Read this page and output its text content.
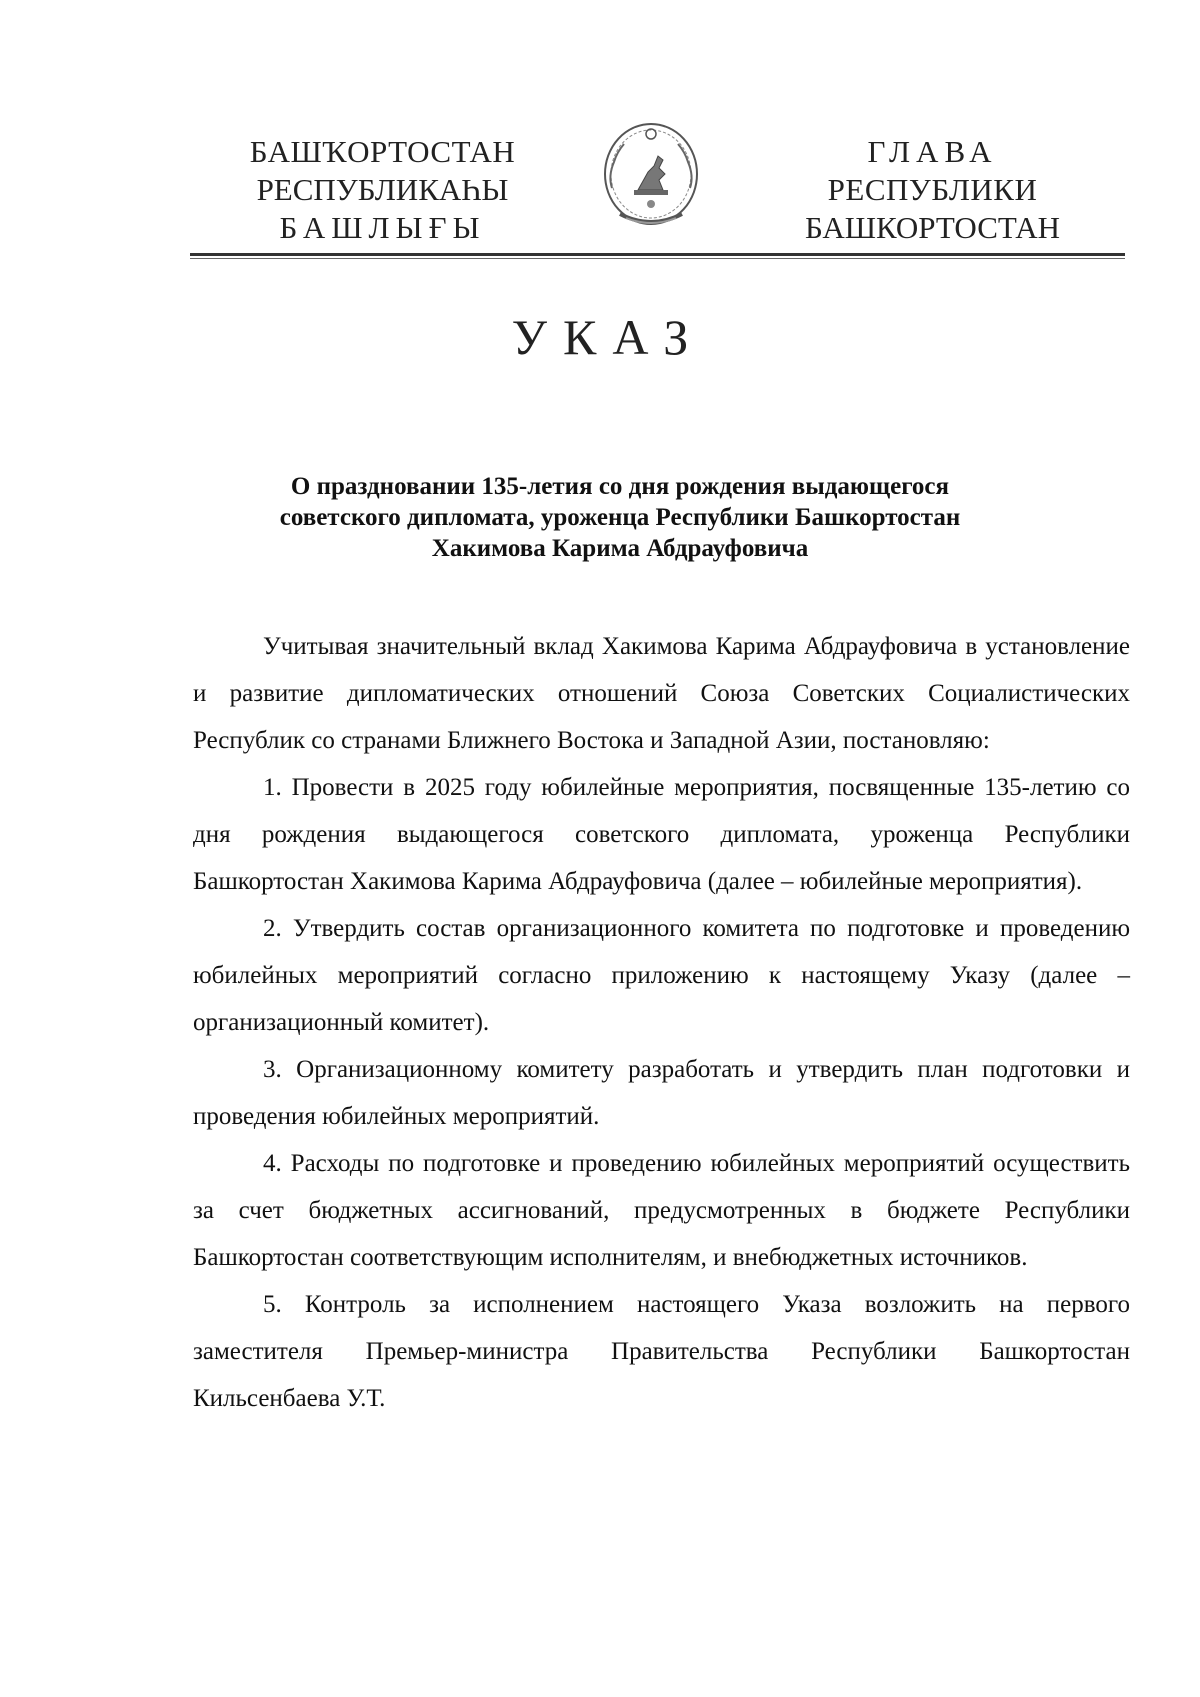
БАШҠОРТОСТАН
РЕСПУБЛИКАҺЫ
БАШЛЫҒЫ
ГЛАВА
РЕСПУБЛИКИ
БАШКОРТОСТАН
УКАЗ
О праздновании 135-летия со дня рождения выдающегося
советского дипломата, уроженца Республики Башкортостан
Хакимова Карима Абдрауфовича

Учитывая значительный вклад Хакимова Карима Абдрауфовича в установление и развитие дипломатических отношений Союза Советских Социалистических Республик со странами Ближнего Востока и Западной Азии, постановляю:

1. Провести в 2025 году юбилейные мероприятия, посвященные 135-летию со дня рождения выдающегося советского дипломата, уроженца Республики Башкортостан Хакимова Карима Абдрауфовича (далее – юбилейные мероприятия).

2. Утвердить состав организационного комитета по подготовке и проведению юбилейных мероприятий согласно приложению к настоящему Указу (далее – организационный комитет).

3. Организационному комитету разработать и утвердить план подготовки и проведения юбилейных мероприятий.

4. Расходы по подготовке и проведению юбилейных мероприятий осуществить за счет бюджетных ассигнований, предусмотренных в бюджете Республики Башкортостан соответствующим исполнителям, и внебюджетных источников.

5. Контроль за исполнением настоящего Указа возложить на первого заместителя Премьер-министра Правительства Республики Башкортостан Кильсенбаева У.Т.
